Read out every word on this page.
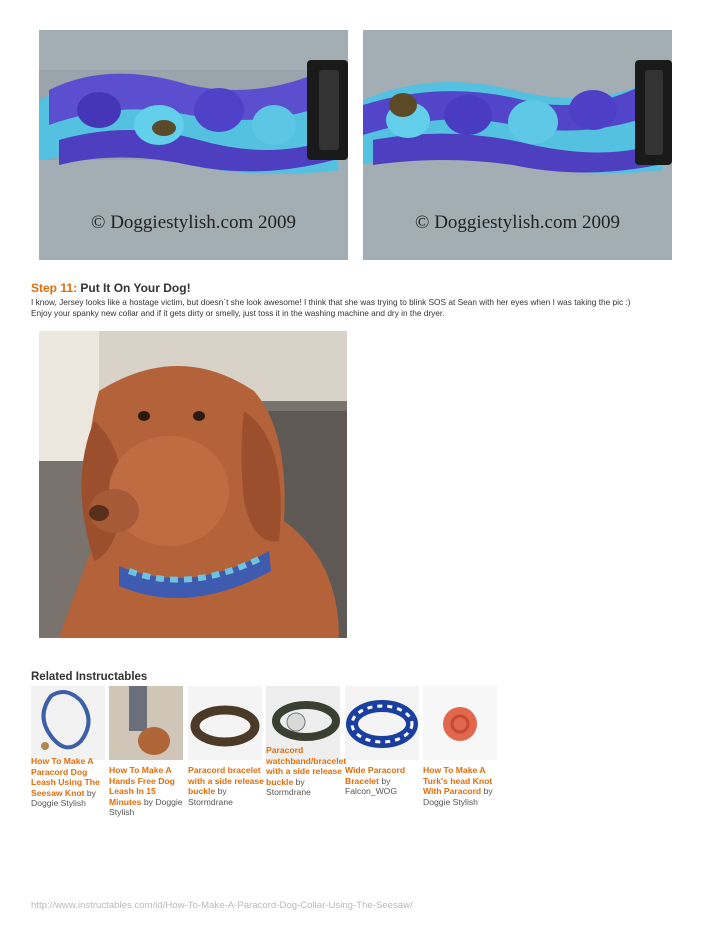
© Doggiestylish.com 2009	© Doggiestylish.com 2009
Step 11: Put It On Your Dog!
I know, Jersey looks like a hostage victim, but doesn`t she look awesome! I think that she was trying to blink SOS at Sean with her eyes when I was taking the pic :)
Enjoy your spanky new collar and if it gets dirty or smelly, just toss it in the washing machine and dry in the dryer.
Related Instructables
How To Make A Paracord Dog Leash Using The Seesaw Knot by Doggie Stylish
How To Make A Hands Free Dog Leash In 15 Minutes by Doggie Stylish
Paracord bracelet with a side release buckle by Stormdrane
Paracord watchband/bracelet with a side release buckle by Stormdrane
Wide Paracord Bracelet by Falcon_WOG
How To Make A Turk's head Knot With Paracord by Doggie Stylish
http://www.instructables.com/id/How-To-Make-A-Paracord-Dog-Collar-Using-The-Seesaw/
